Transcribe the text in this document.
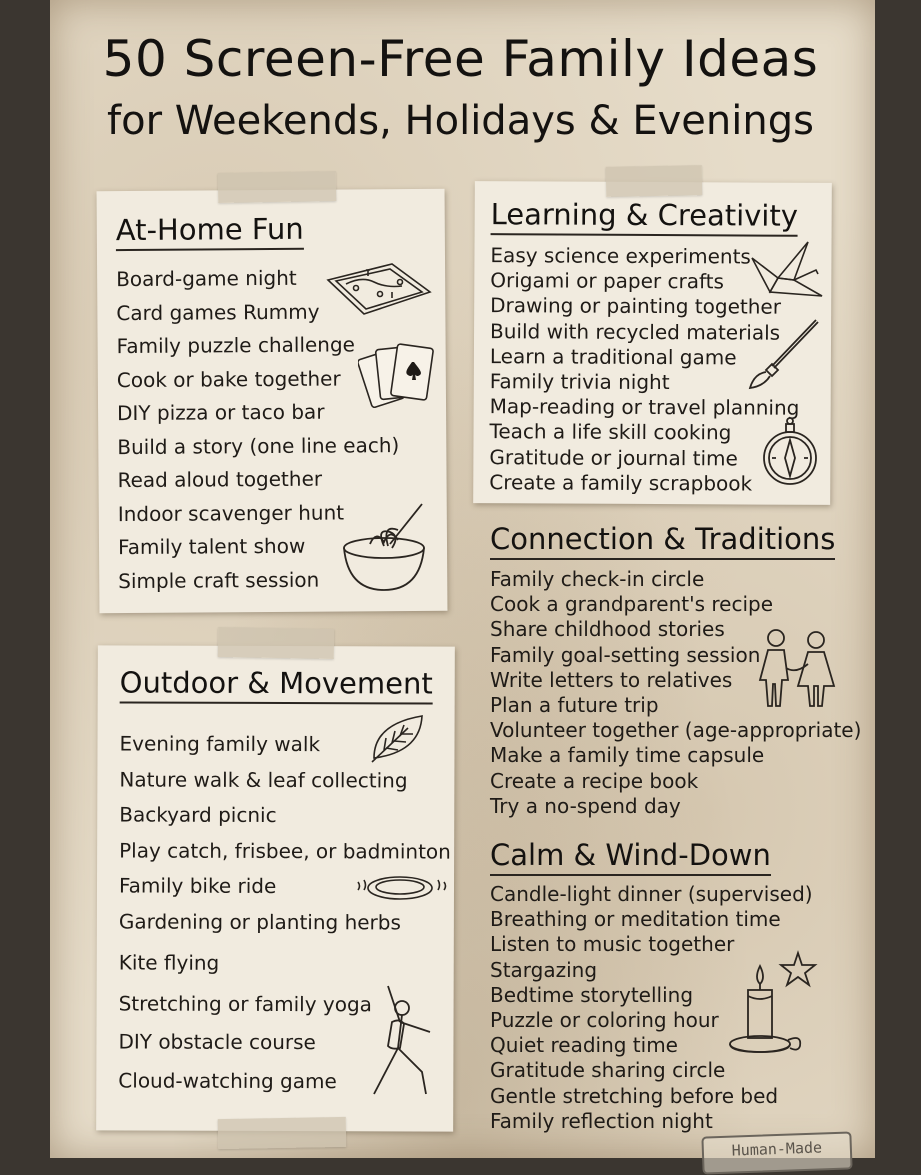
50 Screen-Free Family Ideas
for Weekends, Holidays & Evenings
At-Home Fun
Board-game night
Card games Rummy
Family puzzle challenge
Cook or bake together
DIY pizza or taco bar
Build a story (one line each)
Read aloud together
Indoor scavenger hunt
Family talent show
Simple craft session
Outdoor & Movement
Evening family walk
Nature walk & leaf collecting
Backyard picnic
Play catch, frisbee, or badminton
Family bike ride
Gardening or planting herbs
Kite flying
Stretching or family yoga
DIY obstacle course
Cloud-watching game
Learning & Creativity
Easy science experiments
Origami or paper crafts
Drawing or painting together
Build with recycled materials
Learn a traditional game
Family trivia night
Map-reading or travel planning
Teach a life skill cooking
Gratitude or journal time
Create a family scrapbook
Connection & Traditions
Family check-in circle
Cook a grandparent's recipe
Share childhood stories
Family goal-setting session
Write letters to relatives
Plan a future trip
Volunteer together (age-appropriate)
Make a family time capsule
Create a recipe book
Try a no-spend day
Calm & Wind-Down
Candle-light dinner (supervised)
Breathing or meditation time
Listen to music together
Stargazing
Bedtime storytelling
Puzzle or coloring hour
Quiet reading time
Gratitude sharing circle
Gentle stretching before bed
Family reflection night
Human-Made
